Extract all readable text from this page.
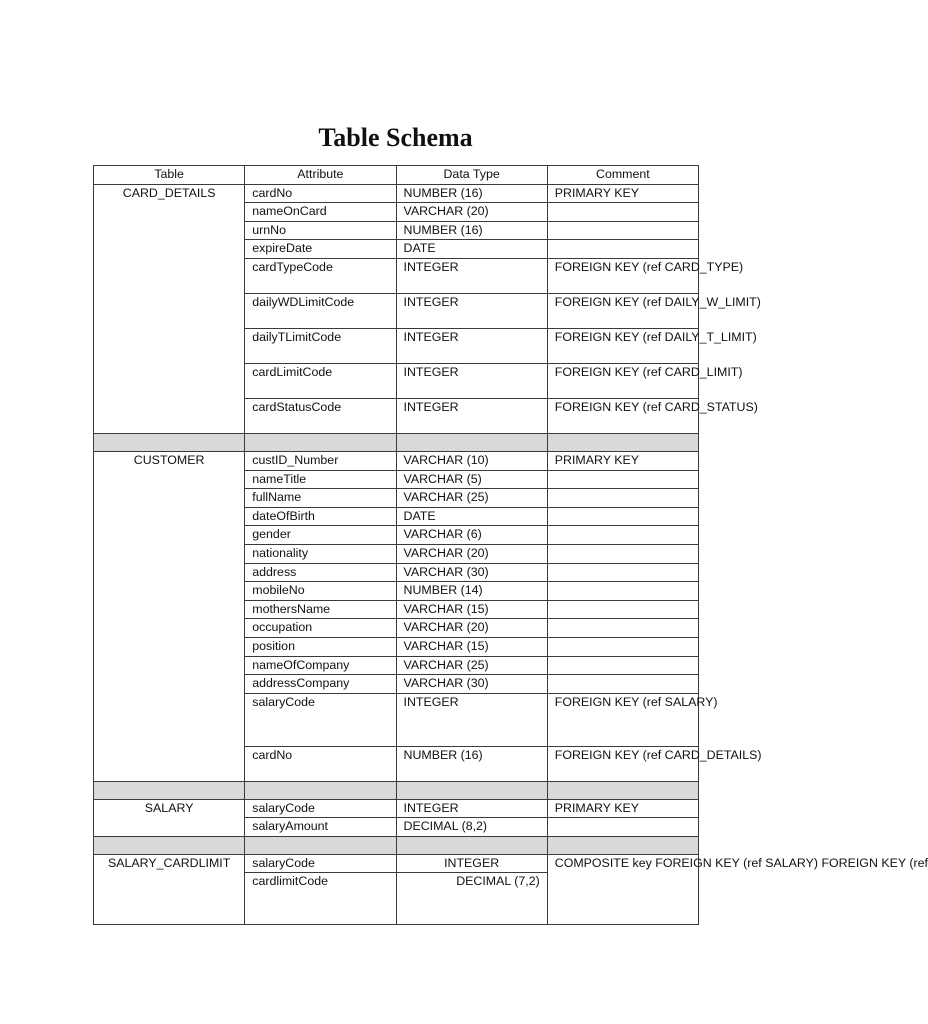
Table Schema
Table	Attribute	Data Type	Comment
CARD_DETAILS	cardNo	NUMBER (16)	PRIMARY KEY
	nameOnCard	VARCHAR (20)	
	urnNo	NUMBER (16)	
	expireDate	DATE	
	cardTypeCode	INTEGER	FOREIGN KEY (ref CARD_TYPE)
	dailyWDLimitCode	INTEGER	FOREIGN KEY (ref DAILY_W_LIMIT)
	dailyTLimitCode	INTEGER	FOREIGN KEY (ref DAILY_T_LIMIT)
	cardLimitCode	INTEGER	FOREIGN KEY (ref CARD_LIMIT)
	cardStatusCode	INTEGER	FOREIGN KEY (ref CARD_STATUS)

CUSTOMER	custID_Number	VARCHAR (10)	PRIMARY KEY
	nameTitle	VARCHAR (5)	
	fullName	VARCHAR (25)	
	dateOfBirth	DATE	
	gender	VARCHAR (6)	
	nationality	VARCHAR (20)	
	address	VARCHAR (30)	
	mobileNo	NUMBER (14)	
	mothersName	VARCHAR (15)	
	occupation	VARCHAR (20)	
	position	VARCHAR (15)	
	nameOfCompany	VARCHAR (25)	
	addressCompany	VARCHAR (30)	
	salaryCode	INTEGER	FOREIGN KEY (ref SALARY)
	cardNo	NUMBER (16)	FOREIGN KEY (ref CARD_DETAILS)

SALARY	salaryCode	INTEGER	PRIMARY KEY
	salaryAmount	DECIMAL (8,2)	

SALARY_CARDLIMIT	salaryCode	INTEGER	COMPOSITE key FOREIGN KEY (ref SALARY) FOREIGN KEY (ref
	cardlimitCode	DECIMAL (7,2)	
